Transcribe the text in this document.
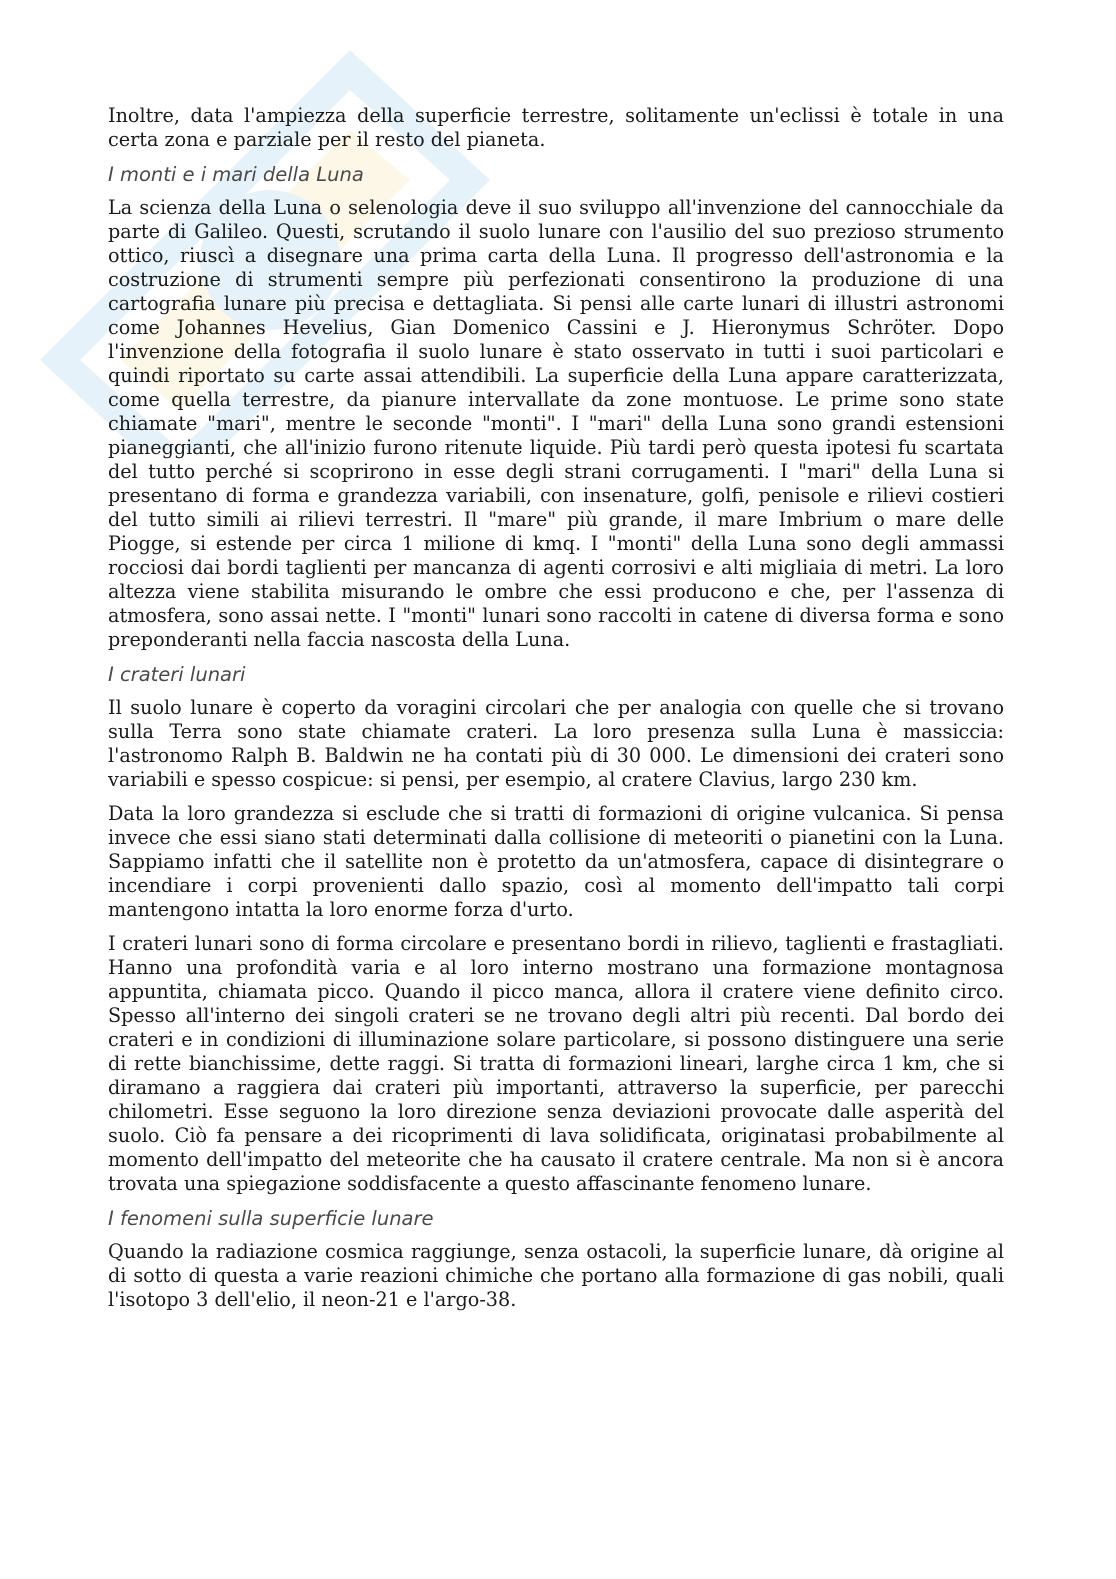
Inoltre, data l'ampiezza della superficie terrestre, solitamente un'eclissi è totale in una certa zona e parziale per il resto del pianeta.

I monti e i mari della Luna

La scienza della Luna o selenologia deve il suo sviluppo all'invenzione del cannocchiale da parte di Galileo. Questi, scrutando il suolo lunare con l'ausilio del suo prezioso strumento ottico, riuscì a disegnare una prima carta della Luna. Il progresso dell'astronomia e la costruzione di strumenti sempre più perfezionati consentirono la produzione di una cartografia lunare più precisa e dettagliata. Si pensi alle carte lunari di illustri astronomi come Johannes Hevelius, Gian Domenico Cassini e J. Hieronymus Schröter. Dopo l'invenzione della fotografia il suolo lunare è stato osservato in tutti i suoi particolari e quindi riportato su carte assai attendibili. La superficie della Luna appare caratterizzata, come quella terrestre, da pianure intervallate da zone montuose. Le prime sono state chiamate "mari", mentre le seconde "monti". I "mari" della Luna sono grandi estensioni pianeggianti, che all'inizio furono ritenute liquide. Più tardi però questa ipotesi fu scartata del tutto perché si scoprirono in esse degli strani corrugamenti. I "mari" della Luna si presentano di forma e grandezza variabili, con insenature, golfi, penisole e rilievi costieri del tutto simili ai rilievi terrestri. Il "mare" più grande, il mare Imbrium o mare delle Piogge, si estende per circa 1 milione di kmq. I "monti" della Luna sono degli ammassi rocciosi dai bordi taglienti per mancanza di agenti corrosivi e alti migliaia di metri. La loro altezza viene stabilita misurando le ombre che essi producono e che, per l'assenza di atmosfera, sono assai nette. I "monti" lunari sono raccolti in catene di diversa forma e sono preponderanti nella faccia nascosta della Luna.

I crateri lunari

Il suolo lunare è coperto da voragini circolari che per analogia con quelle che si trovano sulla Terra sono state chiamate crateri. La loro presenza sulla Luna è massiccia: l'astronomo Ralph B. Baldwin ne ha contati più di 30 000. Le dimensioni dei crateri sono variabili e spesso cospicue: si pensi, per esempio, al cratere Clavius, largo 230 km.

Data la loro grandezza si esclude che si tratti di formazioni di origine vulcanica. Si pensa invece che essi siano stati determinati dalla collisione di meteoriti o pianetini con la Luna. Sappiamo infatti che il satellite non è protetto da un'atmosfera, capace di disintegrare o incendiare i corpi provenienti dallo spazio, così al momento dell'impatto tali corpi mantengono intatta la loro enorme forza d'urto.

I crateri lunari sono di forma circolare e presentano bordi in rilievo, taglienti e frastagliati. Hanno una profondità varia e al loro interno mostrano una formazione montagnosa appuntita, chiamata picco. Quando il picco manca, allora il cratere viene definito circo. Spesso all'interno dei singoli crateri se ne trovano degli altri più recenti. Dal bordo dei crateri e in condizioni di illuminazione solare particolare, si possono distinguere una serie di rette bianchissime, dette raggi. Si tratta di formazioni lineari, larghe circa 1 km, che si diramano a raggiera dai crateri più importanti, attraverso la superficie, per parecchi chilometri. Esse seguono la loro direzione senza deviazioni provocate dalle asperità del suolo. Ciò fa pensare a dei ricoprimenti di lava solidificata, originatasi probabilmente al momento dell'impatto del meteorite che ha causato il cratere centrale. Ma non si è ancora trovata una spiegazione soddisfacente a questo affascinante fenomeno lunare.

I fenomeni sulla superficie lunare

Quando la radiazione cosmica raggiunge, senza ostacoli, la superficie lunare, dà origine al di sotto di questa a varie reazioni chimiche che portano alla formazione di gas nobili, quali l'isotopo 3 dell'elio, il neon-21 e l'argo-38.
